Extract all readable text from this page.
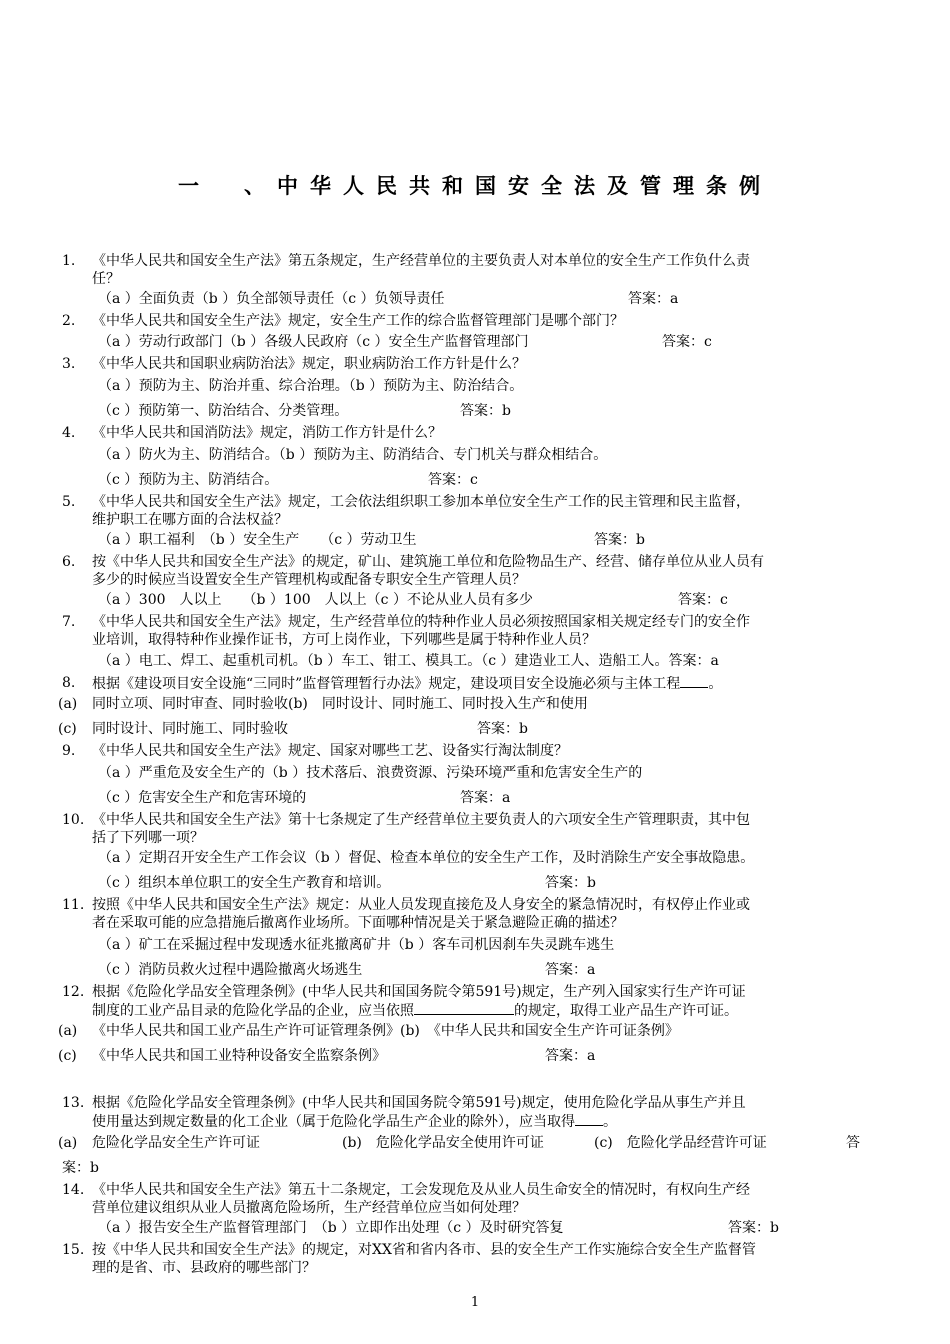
一　、中华人民共和国安全法及管理条例
1. 《中华人民共和国安全生产法》第五条规定，生产经营单位的主要负责人对本单位的安全生产工作负什么责
任？
（a ）全面负责（b ）负全部领导责任（c ）负领导责任	答案：a
2. 《中华人民共和国安全生产法》规定，安全生产工作的综合监督管理部门是哪个部门？
（a ）劳动行政部门（b ）各级人民政府（c ）安全生产监督管理部门	答案：c
3. 《中华人民共和国职业病防治法》规定，职业病防治工作方针是什么？
（a ）预防为主、防治并重、综合治理。（b ）预防为主、防治结合。
（c ）预防第一、防治结合、分类管理。	答案：b
4. 《中华人民共和国消防法》规定，消防工作方针是什么？
（a ）防火为主、防消结合。（b ）预防为主、防消结合、专门机关与群众相结合。
（c ）预防为主、防消结合。	答案：c
5. 《中华人民共和国安全生产法》规定，工会依法组织职工参加本单位安全生产工作的民主管理和民主监督，
维护职工在哪方面的合法权益？
（a ）职工福利　（b ）安全生产　　（c ）劳动卫生	答案：b
6. 按《中华人民共和国安全生产法》的规定，矿山、建筑施工单位和危险物品生产、经营、储存单位从业人员有
多少的时候应当设置安全生产管理机构或配备专职安全生产管理人员？
（a ）300　人以上　　（b ）100　人以上（c ）不论从业人员有多少	答案：c
7. 《中华人民共和国安全生产法》规定，生产经营单位的特种作业人员必须按照国家相关规定经专门的安全作
业培训，取得特种作业操作证书，方可上岗作业，下列哪些是属于特种作业人员？
（a ）电工、焊工、起重机司机。（b ）车工、钳工、模具工。（c ）建造业工人、造船工人。答案：a
8. 根据《建设项目安全设施“三同时”监督管理暂行办法》规定，建设项目安全设施必须与主体工程 。
(a) 同时立项、同时审查、同时验收(b)　同时设计、同时施工、同时投入生产和使用
(c) 同时设计、同时施工、同时验收	答案：b
9. 《中华人民共和国安全生产法》规定、国家对哪些工艺、设备实行淘汰制度？
（a ）严重危及安全生产的（b ）技术落后、浪费资源、污染环境严重和危害安全生产的
（c ）危害安全生产和危害环境的	答案：a
10. 《中华人民共和国安全生产法》第十七条规定了生产经营单位主要负责人的六项安全生产管理职责，其中包
括了下列哪一项？
（a ）定期召开安全生产工作会议（b ）督促、检查本单位的安全生产工作，及时消除生产安全事故隐患。
（c ）组织本单位职工的安全生产教育和培训。	答案：b
11. 按照《中华人民共和国安全生产法》规定：从业人员发现直接危及人身安全的紧急情况时，有权停止作业或
者在采取可能的应急措施后撤离作业场所。下面哪种情况是关于紧急避险正确的描述？
（a ）矿工在采掘过程中发现透水征兆撤离矿井（b ）客车司机因刹车失灵跳车逃生
（c ）消防员救火过程中遇险撤离火场逃生	答案：a
12. 根据《危险化学品安全管理条例》(中华人民共和国国务院令第591号)规定，生产列入国家实行生产许可证
制度的工业产品目录的危险化学品的企业，应当依照	的规定，取得工业产品生产许可证。
(a) 《中华人民共和国工业产品生产许可证管理条例》(b)　《中华人民共和国安全生产许可证条例》
(c) 《中华人民共和国工业特种设备安全监察条例》	答案：a
13. 根据《危险化学品安全管理条例》(中华人民共和国国务院令第591号)规定，使用危险化学品从事生产并且
使用量达到规定数量的化工企业（属于危险化学品生产企业的除外），应当取得 。
(a) 危险化学品安全生产许可证	(b)　危险化学品安全使用许可证	(c)　危险化学品经营许可证	答
案：b
14. 《中华人民共和国安全生产法》第五十二条规定，工会发现危及从业人员生命安全的情况时，有权向生产经
营单位建议组织从业人员撤离危险场所，生产经营单位应当如何处理？
（a ）报告安全生产监督管理部门　（b ）立即作出处理（c ）及时研究答复	答案：b
15. 按《中华人民共和国安全生产法》的规定，对XX省和省内各市、县的安全生产工作实施综合安全生产监督管
理的是省、市、县政府的哪些部门？
1
